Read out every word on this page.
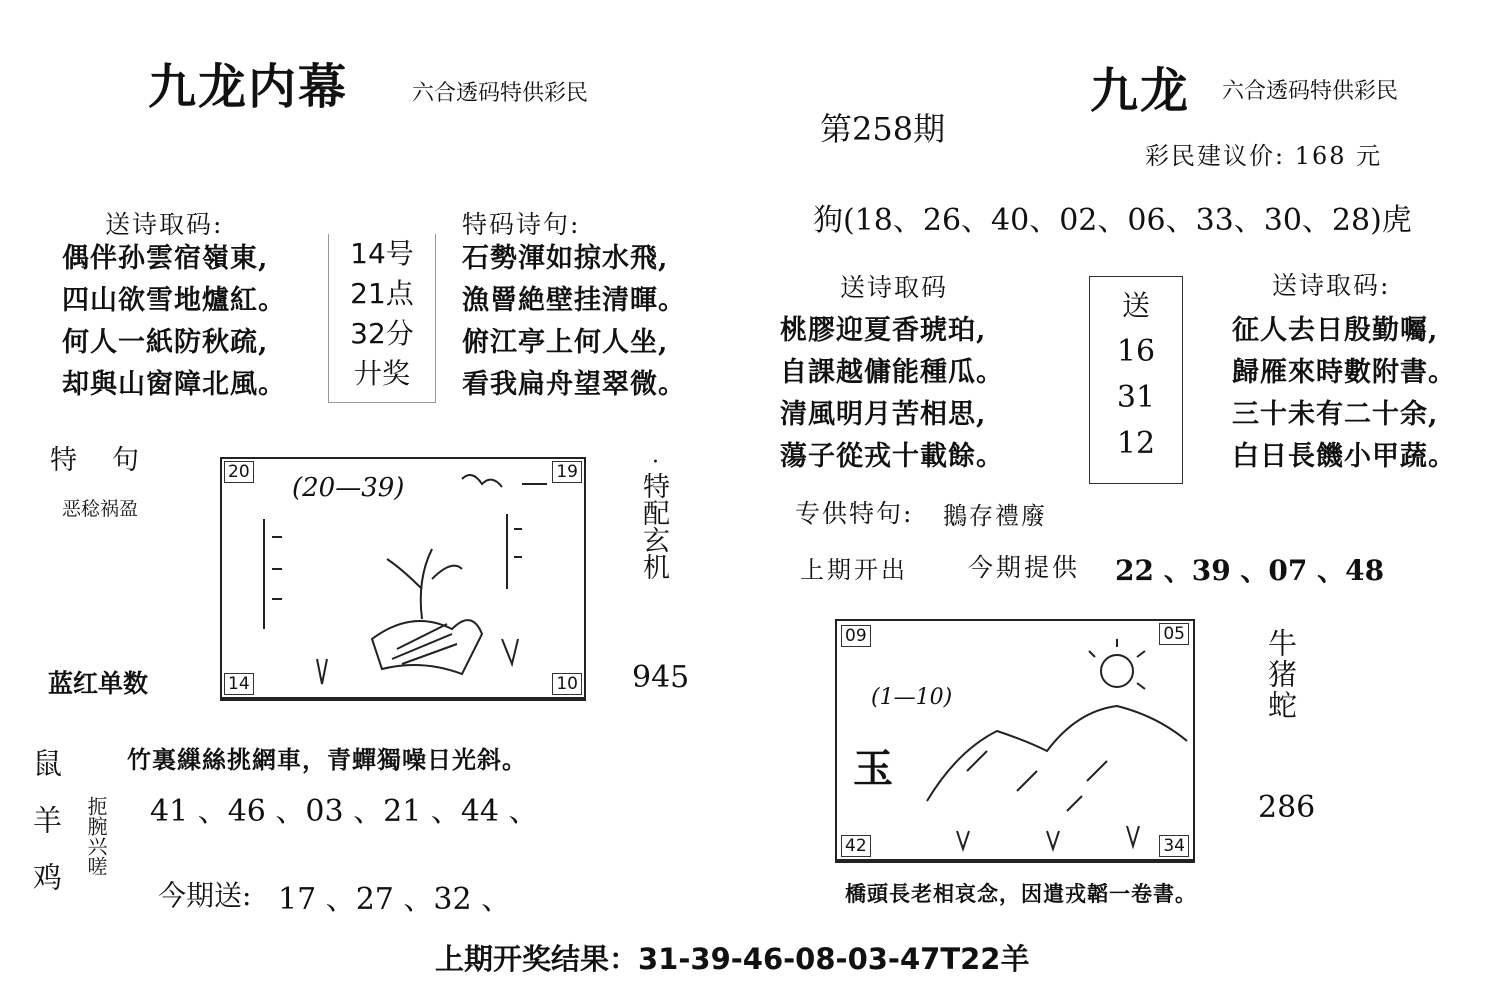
九龙内幕	六合透码特供彩民
送诗取码:
偶伴孙雲宿嶺東,
四山欲雪地爐紅。
何人一紙防秋疏,
却與山窗障北風。
14号
21点
32分
廾奖
特码诗句:
石勢渾如掠水飛,
漁罾絶壁挂清暉。
俯江亭上何人坐,
看我扁舟望翠微。
特　句
恶稔祸盈
蓝红单数
20	19
14	10
(20—39)
·
特配玄机
945
竹裏繅絲挑網車，青蟬獨噪日光斜。
鼠羊鸡 扼腕兴嗟 41 、46 、03 、21 、44 、
今期送: 17 、27 、32 、
第258期
九龙 六合透码特供彩民
彩民建议价: 168 元
狗(18、26、40、02、06、33、30、28)虎
送诗取码
桃膠迎夏香琥珀,
自課越傭能種瓜。
清風明月苦相思,
蕩子從戎十載餘。
送
16
31
12
送诗取码:
征人去日殷勤囑,
歸雁來時數附書。
三十未有二十余,
白日長饑小甲蔬。
专供特句: 鵝存禮廢
上期开出 今期提供 22 、39 、07 、48
09	05
42	34
(1—10)
玉
牛猪蛇
286
橋頭長老相哀念，因遣戎韜一卷書。
上期开奖结果：31-39-46-08-03-47T22羊
